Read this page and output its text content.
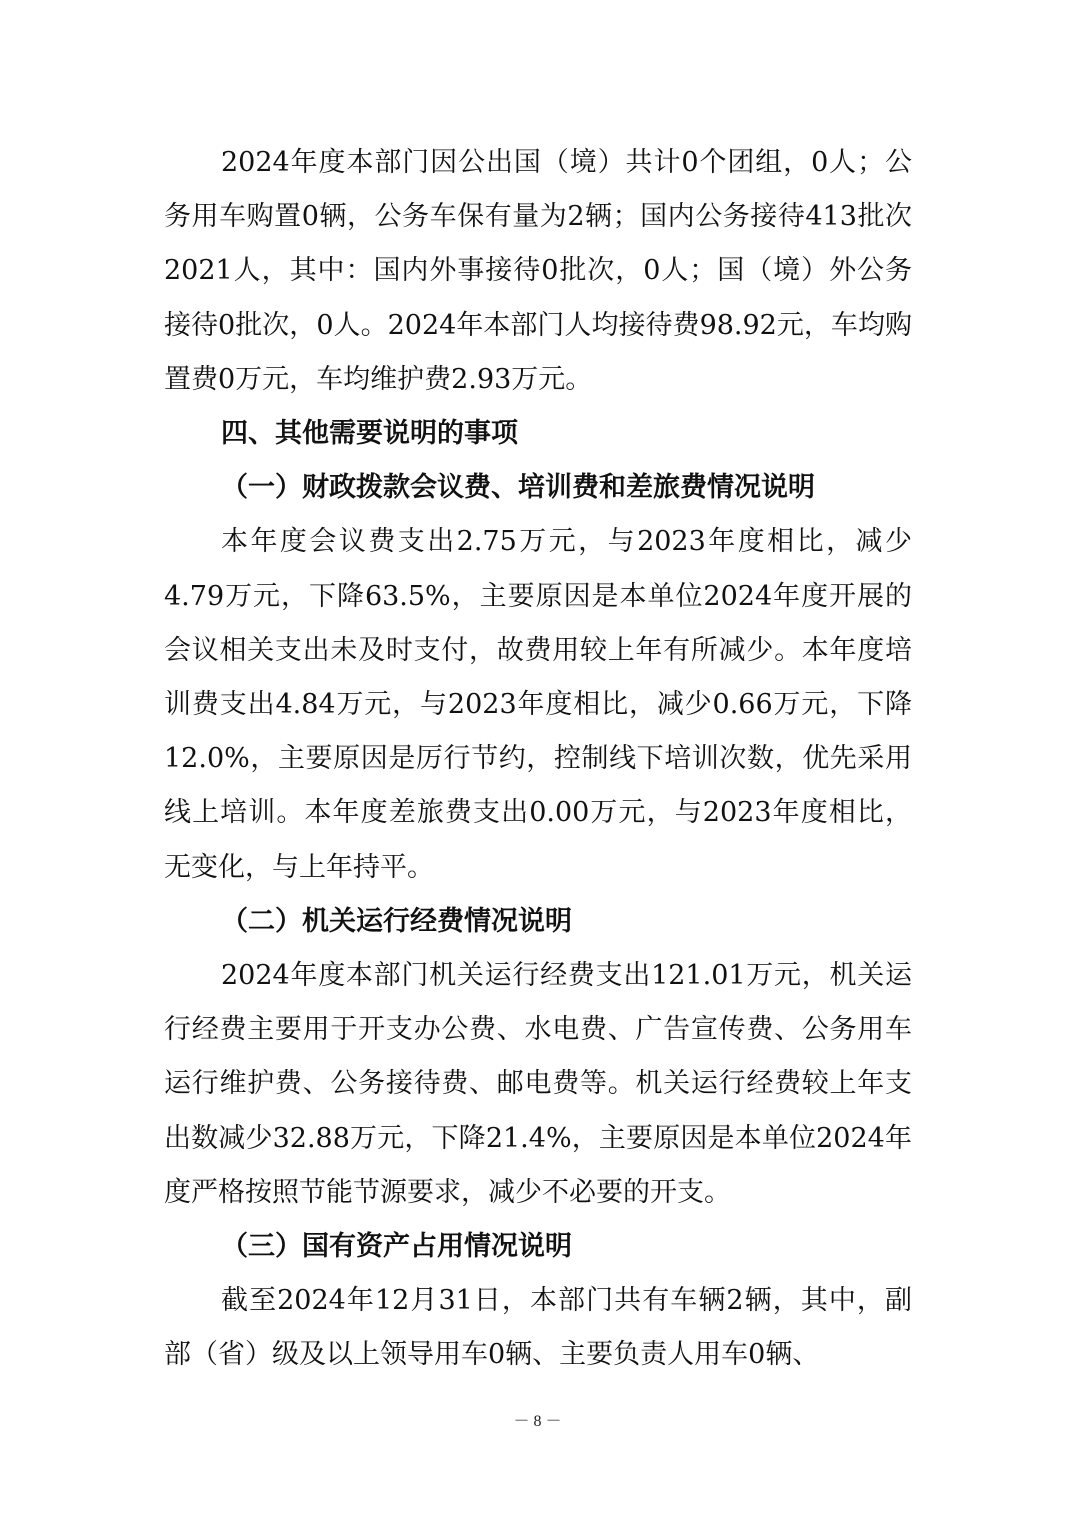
2024年度本部门因公出国（境）共计0个团组，0人；公务用车购置0辆，公务车保有量为2辆；国内公务接待413批次2021人，其中：国内外事接待0批次，0人；国（境）外公务接待0批次，0人。2024年本部门人均接待费98.92元，车均购置费0万元，车均维护费2.93万元。

四、其他需要说明的事项

（一）财政拨款会议费、培训费和差旅费情况说明

本年度会议费支出2.75万元，与2023年度相比，减少4.79万元，下降63.5%，主要原因是本单位2024年度开展的会议相关支出未及时支付，故费用较上年有所减少。本年度培训费支出4.84万元，与2023年度相比，减少0.66万元，下降12.0%，主要原因是厉行节约，控制线下培训次数，优先采用线上培训。本年度差旅费支出0.00万元，与2023年度相比，无变化，与上年持平。

（二）机关运行经费情况说明

2024年度本部门机关运行经费支出121.01万元，机关运行经费主要用于开支办公费、水电费、广告宣传费、公务用车运行维护费、公务接待费、邮电费等。机关运行经费较上年支出数减少32.88万元，下降21.4%，主要原因是本单位2024年度严格按照节能节源要求，减少不必要的开支。

（三）国有资产占用情况说明

截至2024年12月31日，本部门共有车辆2辆，其中，副部（省）级及以上领导用车0辆、主要负责人用车0辆、

－ 8 －
